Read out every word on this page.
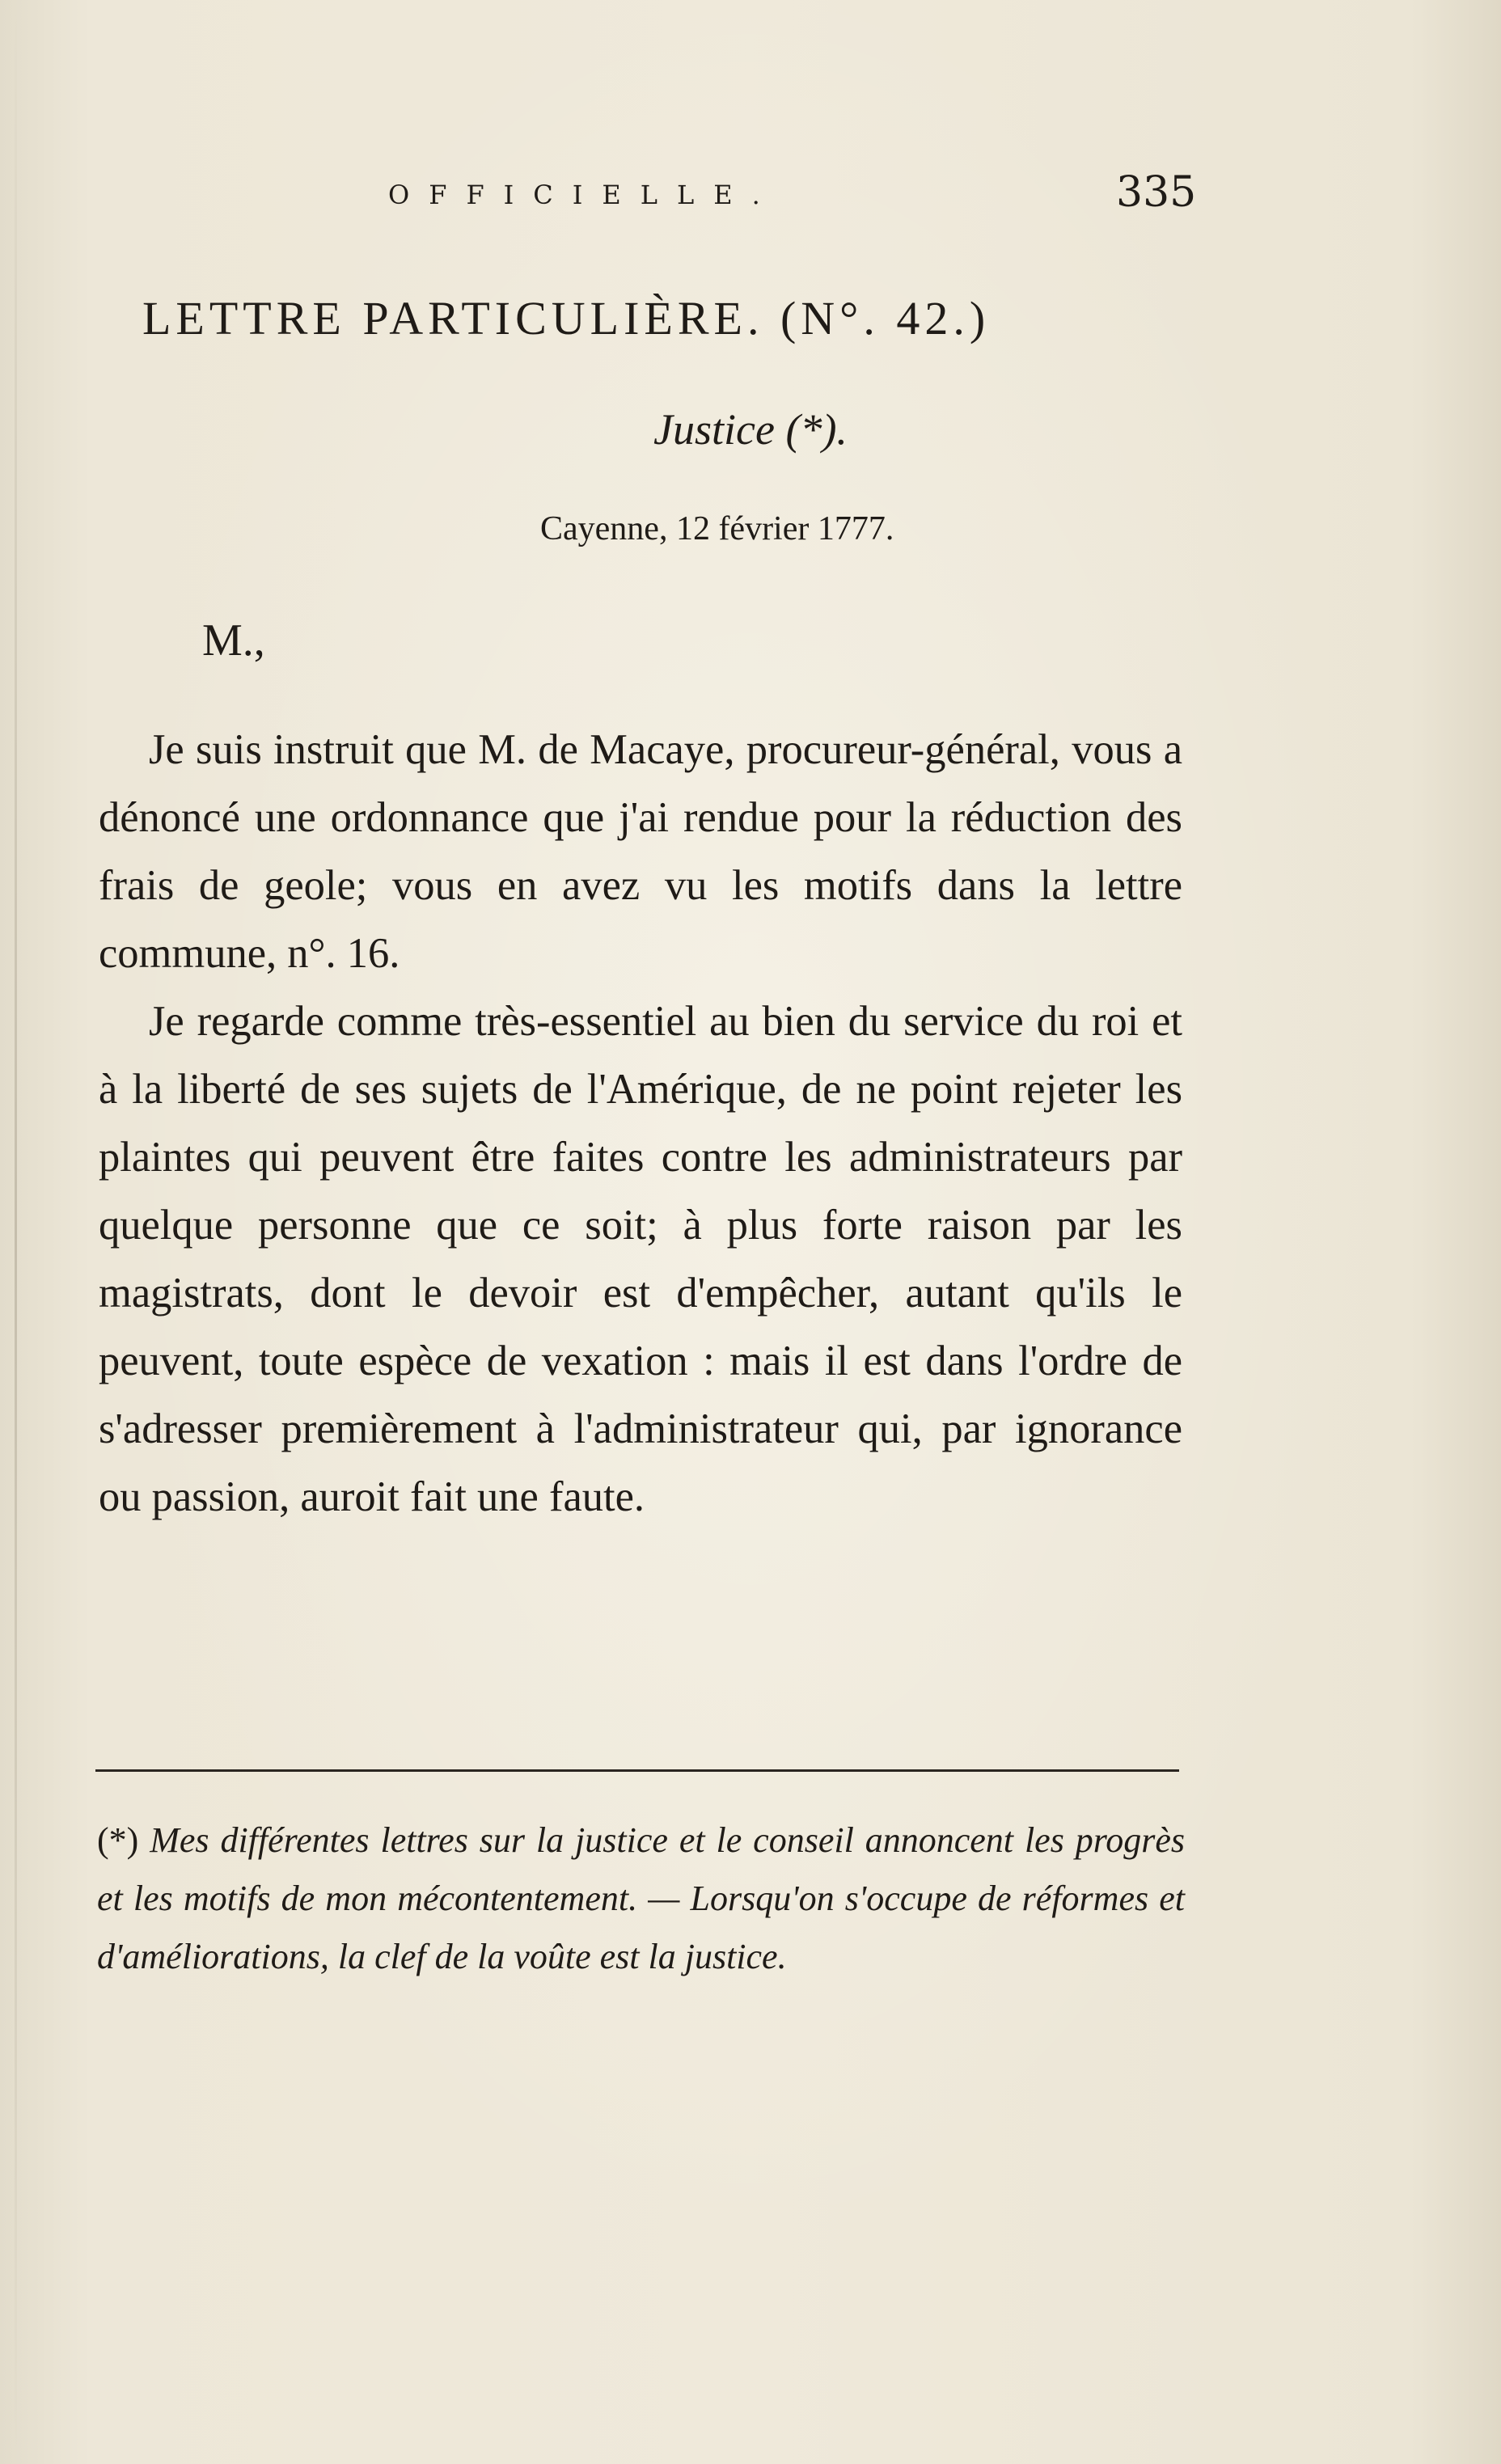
OFFICIELLE.	335
LETTRE PARTICULIÈRE. (N°. 42.)
Justice (*).
Cayenne, 12 février 1777.
M.,

Je suis instruit que M. de Macaye, procureur-général, vous a dénoncé une ordonnance que j'ai rendue pour la réduction des frais de geole; vous en avez vu les motifs dans la lettre commune, n°. 16.

Je regarde comme très-essentiel au bien du service du roi et à la liberté de ses sujets de l'Amérique, de ne point rejeter les plaintes qui peuvent être faites contre les administrateurs par quelque personne que ce soit; à plus forte raison par les magistrats, dont le devoir est d'empêcher, autant qu'ils le peuvent, toute espèce de vexation : mais il est dans l'ordre de s'adresser premièrement à l'administrateur qui, par ignorance ou passion, auroit fait une faute.

(*) Mes différentes lettres sur la justice et le conseil annoncent les progrès et les motifs de mon mécontentement. — Lorsqu'on s'occupe de réformes et d'améliorations, la clef de la voûte est la justice.
